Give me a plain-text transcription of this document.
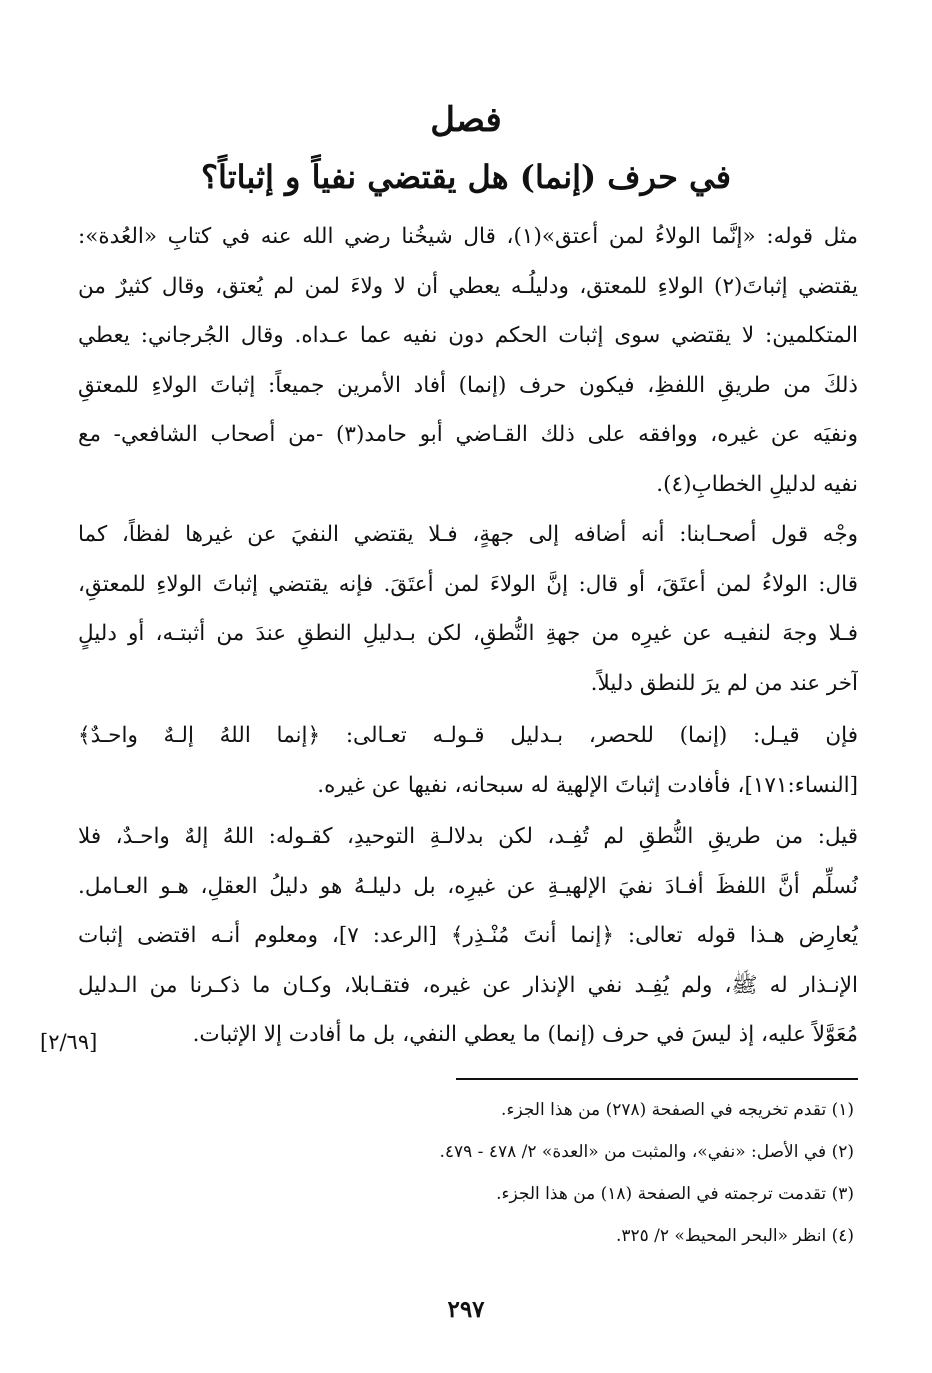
فصل
في حرف (إنما) هل يقتضي نفياً و إثباتاً؟
مثل قوله: «إنَّما الولاءُ لمن أعتق»(١)، قال شيخُنا رضي الله عنه في كتابِ «العُدة»:
يقتضي إثباتَ(٢) الولاءِ للمعتق، ودليلُـه يعطي أن لا ولاءَ لمن لم يُعتق، وقال كثيرٌ من
المتكلمين: لا يقتضي سوى إثبات الحكم دون نفيه عما عـداه. وقال الجُرجاني: يعطي
ذلكَ من طريقِ اللفظِ، فيكون حرف (إنما) أفاد الأمرين جميعاً: إثباتَ الولاءِ للمعتقِ
ونفيَه عن غيره، ووافقه على ذلك القـاضي أبو حامد(٣) -من أصحاب الشافعي- مع
نفيه لدليلِ الخطابِ(٤).
وجْه قول أصحـابنا: أنه أضافه إلى جهةٍ، فـلا يقتضي النفيَ عن غيرها لفظاً، كما
قال: الولاءُ لمن أعتَقَ، أو قال: إنَّ الولاءَ لمن أعتَقَ. فإنه يقتضي إثباتَ الولاءِ للمعتقِ،
فـلا وجهَ لنفيـه عن غيرِه من جهةِ النُّطقِ، لكن بـدليلِ النطقِ عندَ من أثبتـه، أو دليلٍ
آخر عند من لم يرَ للنطق دليلاً.
فإن قيـل: (إنما) للحصر، بـدليل قـولـه تعـالى: ﴿إنما اللهُ إلـهٌ واحـدٌ﴾
[النساء:١٧١]، فأفادت إثباتَ الإلهية له سبحانه، نفيها عن غيره.
قيل: من طريقِ النُّطقِ لم تُفِـد، لكن بدلالـةِ التوحيدِ، كقـوله: اللهُ إلهٌ واحـدٌ، فلا
نُسلِّم أنَّ اللفظَ أفـادَ نفيَ الإلهيـةِ عن غيرِه، بل دليلـهُ هو دليلُ العقلِ، هـو العـامل.
يُعارِض هـذا قوله تعالى: ﴿إنما أنتَ مُنْـذِر﴾ [الرعد: ٧]، ومعلوم أنـه اقتضى إثبات
الإنـذار له ﷺ، ولم يُفِـد نفي الإنذار عن غيره، فتقـابلا، وكـان ما ذكـرنا من الـدليل
مُعَوَّلاً عليه، إذ ليسَ في حرف (إنما) ما يعطي النفي، بل ما أفادت إلا الإثبات.
[٢/٦٩]
(١) تقدم تخريجه في الصفحة (٢٧٨) من هذا الجزء.
(٢) في الأصل: «نفي»، والمثبت من «العدة» ٢/ ٤٧٨ - ٤٧٩.
(٣) تقدمت ترجمته في الصفحة (١٨) من هذا الجزء.
(٤) انظر «البحر المحيط» ٢/ ٣٢٥.
٢٩٧
